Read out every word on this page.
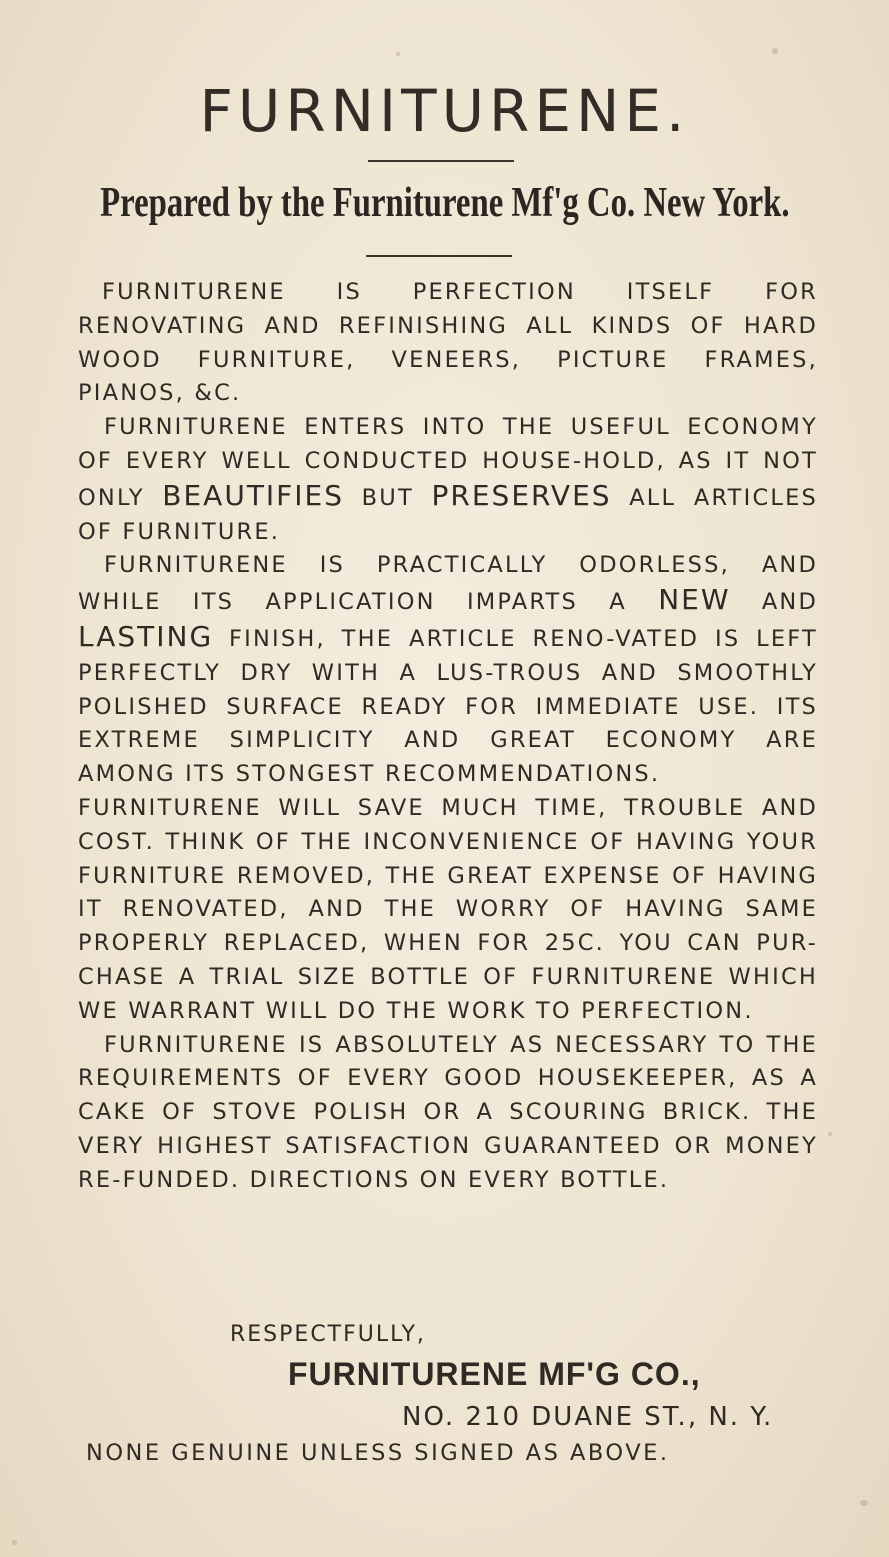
FURNITURENE.
Prepared by the Furniturene Mf'g Co. New York.

FURNITURENE IS PERFECTION ITSELF FOR RENOVATING AND REFINISHING ALL KINDS OF HARD WOOD FURNITURE, VENEERS, PICTURE FRAMES, PIANOS, &C.

FURNITURENE ENTERS INTO THE USEFUL ECONOMY OF EVERY WELL CONDUCTED HOUSE-HOLD, AS IT NOT ONLY BEAUTIFIES BUT PRESERVES ALL ARTICLES OF FURNITURE.

FURNITURENE IS PRACTICALLY ODORLESS, AND WHILE ITS APPLICATION IMPARTS A NEW AND LASTING FINISH, THE ARTICLE RENO-VATED IS LEFT PERFECTLY DRY WITH A LUS-TROUS AND SMOOTHLY POLISHED SURFACE READY FOR IMMEDIATE USE. ITS EXTREME SIMPLICITY AND GREAT ECONOMY ARE AMONG ITS STONGEST RECOMMENDATIONS.

FURNITURENE WILL SAVE MUCH TIME, TROUBLE AND COST. THINK OF THE INCONVENIENCE OF HAVING YOUR FURNITURE REMOVED, THE GREAT EXPENSE OF HAVING IT RENOVATED, AND THE WORRY OF HAVING SAME PROPERLY REPLACED, WHEN FOR 25C. YOU CAN PUR-CHASE A TRIAL SIZE BOTTLE OF FURNITURENE WHICH WE WARRANT WILL DO THE WORK TO PERFECTION.

FURNITURENE IS ABSOLUTELY AS NECESSARY TO THE REQUIREMENTS OF EVERY GOOD HOUSEKEEPER, AS A CAKE OF STOVE POLISH OR A SCOURING BRICK. THE VERY HIGHEST SATISFACTION GUARANTEED OR MONEY RE-FUNDED. DIRECTIONS ON EVERY BOTTLE.

RESPECTFULLY,
FURNITURENE MF'G CO.,
NO. 210 DUANE ST., N. Y.
NONE GENUINE UNLESS SIGNED AS ABOVE.
